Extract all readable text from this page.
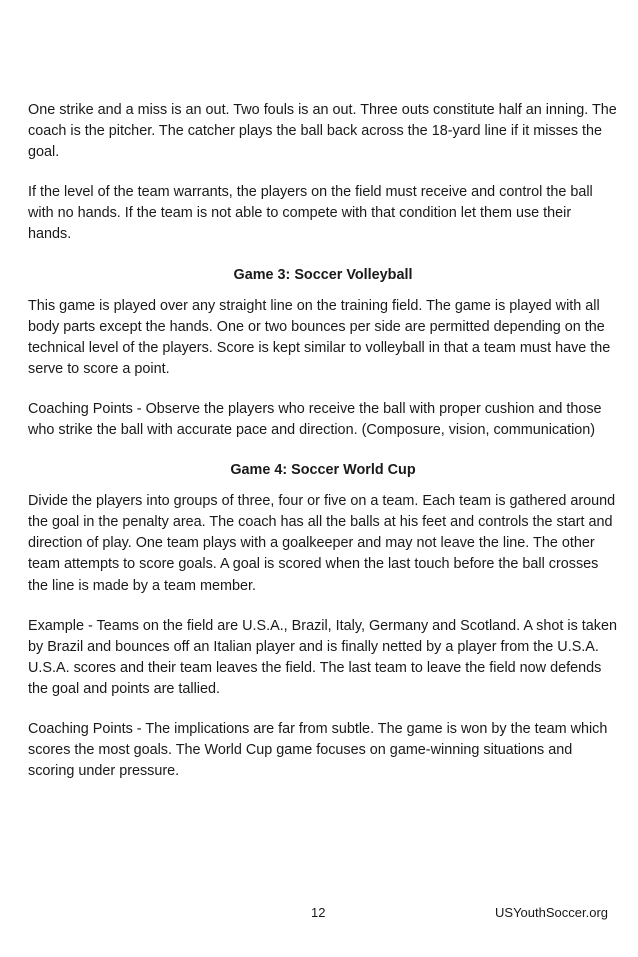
One strike and a miss is an out. Two fouls is an out. Three outs constitute half an inning. The coach is the pitcher. The catcher plays the ball back across the 18-yard line if it misses the goal.

If the level of the team warrants, the players on the field must receive and control the ball with no hands. If the team is not able to compete with that condition let them use their hands.

Game 3: Soccer Volleyball

This game is played over any straight line on the training field. The game is played with all body parts except the hands. One or two bounces per side are permitted depending on the technical level of the players. Score is kept similar to volleyball in that a team must have the serve to score a point.

Coaching Points - Observe the players who receive the ball with proper cushion and those who strike the ball with accurate pace and direction. (Composure, vision, communication)

Game 4: Soccer World Cup

Divide the players into groups of three, four or five on a team. Each team is gathered around the goal in the penalty area. The coach has all the balls at his feet and controls the start and direction of play. One team plays with a goalkeeper and may not leave the line. The other team attempts to score goals. A goal is scored when the last touch before the ball crosses the line is made by a team member.

Example - Teams on the field are U.S.A., Brazil, Italy, Germany and Scotland. A shot is taken by Brazil and bounces off an Italian player and is finally netted by a player from the U.S.A. U.S.A. scores and their team leaves the field. The last team to leave the field now defends the goal and points are tallied.

Coaching Points - The implications are far from subtle. The game is won by the team which scores the most goals. The World Cup game focuses on game-winning situations and scoring under pressure.

12	USYouthSoccer.org
